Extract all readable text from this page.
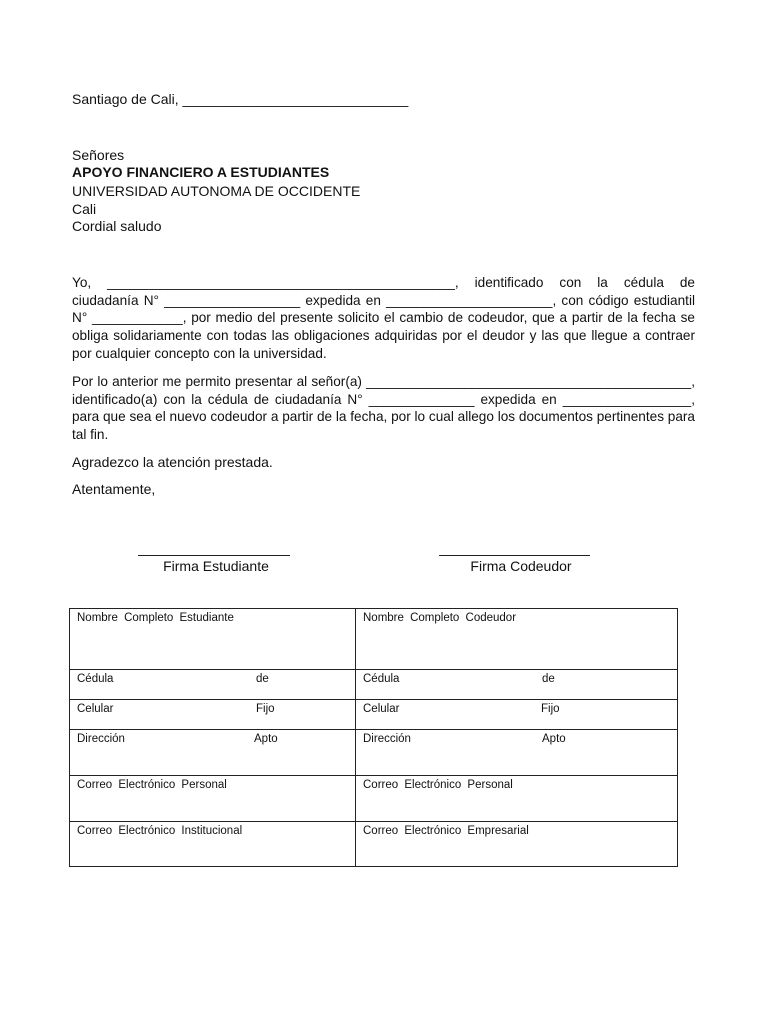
Santiago de Cali, _____________________________
Señores
APOYO FINANCIERO A ESTUDIANTES
UNIVERSIDAD AUTONOMA DE OCCIDENTE
Cali
Cordial saludo
Yo, ______________________________________________, identificado con la cédula de
ciudadanía N° __________________ expedida en ______________________, con código estudiantil
N° ____________, por medio del presente solicito el cambio de codeudor, que a partir de la fecha se
obliga solidariamente con todas las obligaciones adquiridas por el deudor y las que llegue a contraer
por cualquier concepto con la universidad.
Por lo anterior me permito presentar al señor(a) ___________________________________________,
identificado(a) con la cédula de ciudadanía N° ______________ expedida en _________________,
para que sea el nuevo codeudor a partir de la fecha, por lo cual allego los documentos pertinentes para
tal fin.
Agradezco la atención prestada.
Atentamente,
Firma Estudiante	Firma Codeudor
Nombre Completo Estudiante	Nombre Completo Codeudor
Cédula de	Cédula de

Celular Fijo	Celular Fijo

Dirección Apto	Dirección Apto

Correo Electrónico Personal	Correo Electrónico Personal
Correo Electrónico Institucional	Correo Electrónico Empresarial
